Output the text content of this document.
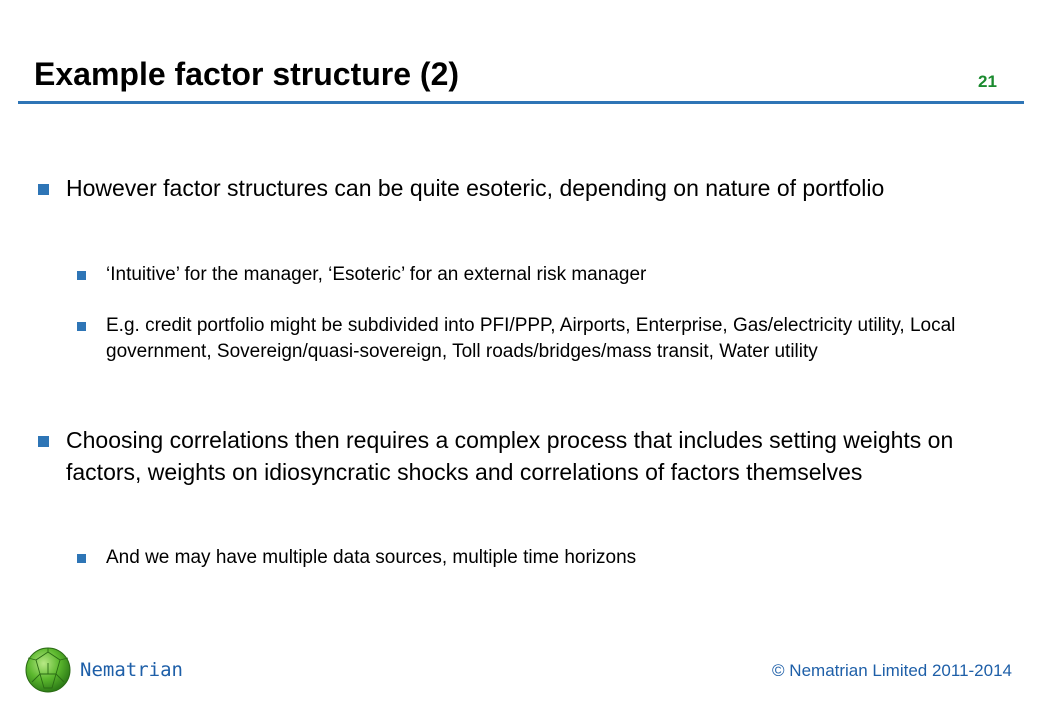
Example factor structure (2)	21
However factor structures can be quite esoteric, depending on nature of portfolio
‘Intuitive’ for the manager, ‘Esoteric’ for an external risk manager
E.g. credit portfolio might be subdivided into PFI/PPP, Airports, Enterprise, Gas/electricity utility, Local government, Sovereign/quasi-sovereign, Toll roads/bridges/mass transit, Water utility
Choosing correlations then requires a complex process that includes setting weights on factors, weights on idiosyncratic shocks and correlations of factors themselves
And we may have multiple data sources, multiple time horizons
Nematrian	© Nematrian Limited 2011-2014
